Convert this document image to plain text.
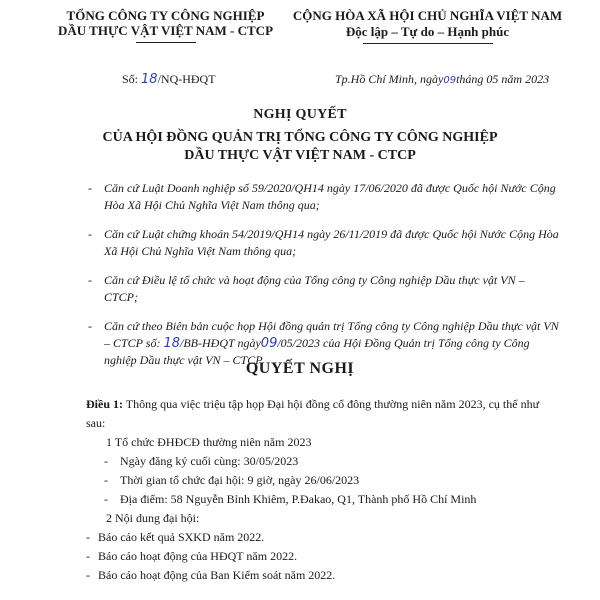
TỔNG CÔNG TY CÔNG NGHIỆP
DẦU THỰC VẬT VIỆT NAM - CTCP
CỘNG HÒA XÃ HỘI CHỦ NGHĨA VIỆT NAM
Độc lập – Tự do – Hạnh phúc
Số: 18/NQ-HĐQT	Tp.Hồ Chí Minh, ngày09tháng 05 năm 2023
NGHỊ QUYẾT
CỦA HỘI ĐỒNG QUẢN TRỊ TỔNG CÔNG TY CÔNG NGHIỆP
DẦU THỰC VẬT VIỆT NAM - CTCP
- Căn cứ Luật Doanh nghiệp số 59/2020/QH14 ngày 17/06/2020 đã được Quốc hội Nước Cộng Hòa Xã Hội Chủ Nghĩa Việt Nam thông qua;
- Căn cứ Luật chứng khoán 54/2019/QH14 ngày 26/11/2019 đã được Quốc hội Nước Cộng Hòa Xã Hội Chủ Nghĩa Việt Nam thông qua;
- Căn cứ Điều lệ tổ chức và hoạt động của Tổng công ty Công nghiệp Dầu thực vật VN – CTCP;
- Căn cứ theo Biên bản cuộc họp Hội đồng quản trị Tổng công ty Công nghiệp Dầu thực vật VN – CTCP số: 18/BB-HĐQT ngày09/05/2023 của Hội Đồng Quản trị Tổng công ty Công nghiệp Dầu thực vật VN – CTCP.
QUYẾT NGHỊ

Điều 1: Thông qua việc triệu tập họp Đại hội đồng cổ đông thường niên năm 2023, cụ thể như sau:

1 Tổ chức ĐHĐCĐ thường niên năm 2023

- Ngày đăng ký cuối cùng: 30/05/2023

- Thời gian tổ chức đại hội: 9 giờ, ngày 26/06/2023

- Địa điểm: 58 Nguyễn Bỉnh Khiêm, P.Đakao, Q1, Thành phố Hồ Chí Minh

2 Nội dung đại hội:

- Báo cáo kết quả SXKD năm 2022.

- Báo cáo hoạt động của HĐQT năm 2022.

- Báo cáo hoạt động của Ban Kiểm soát năm 2022.
